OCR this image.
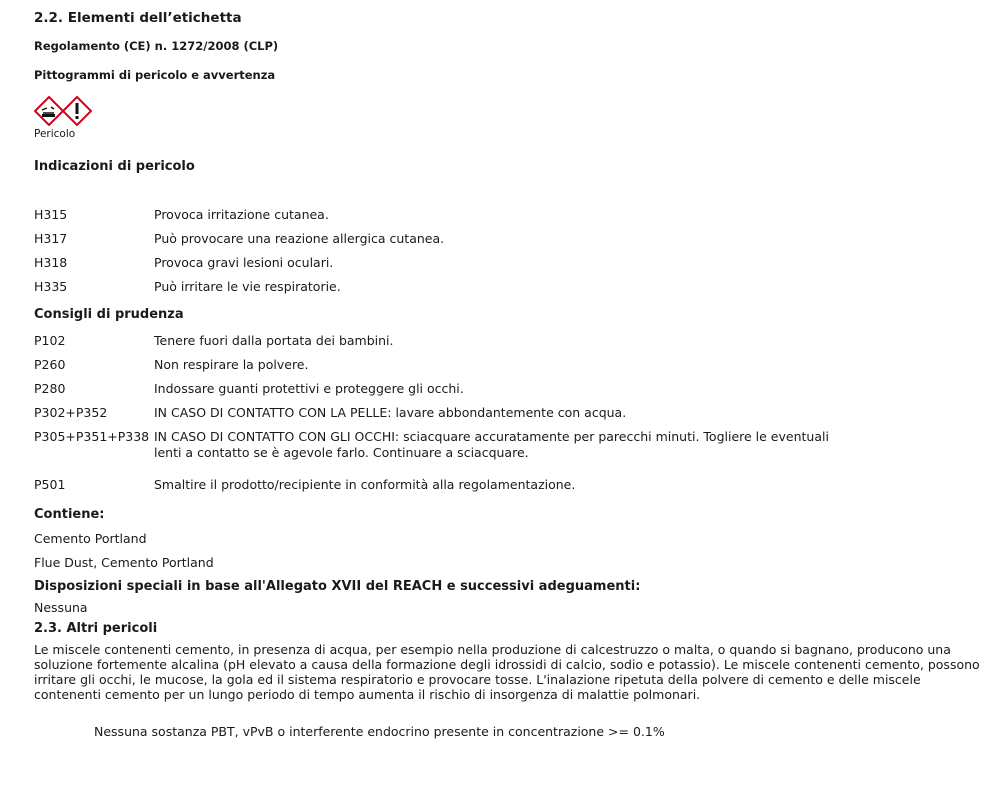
2.2. Elementi dell’etichetta
Regolamento (CE) n. 1272/2008 (CLP)
Pittogrammi di pericolo e avvertenza
Pericolo
Indicazioni di pericolo
H315	Provoca irritazione cutanea.
H317	Può provocare una reazione allergica cutanea.
H318	Provoca gravi lesioni oculari.
H335	Può irritare le vie respiratorie.
Consigli di prudenza
P102	Tenere fuori dalla portata dei bambini.
P260	Non respirare la polvere.
P280	Indossare guanti protettivi e proteggere gli occhi.
P302+P352	IN CASO DI CONTATTO CON LA PELLE: lavare abbondantemente con acqua.
P305+P351+P338 IN CASO DI CONTATTO CON GLI OCCHI: sciacquare accuratamente per parecchi minuti. Togliere le eventuali lenti a contatto se è agevole farlo. Continuare a sciacquare.
P501	Smaltire il prodotto/recipiente in conformità alla regolamentazione.
Contiene:
Cemento Portland
Flue Dust, Cemento Portland
Disposizioni speciali in base all'Allegato XVII del REACH e successivi adeguamenti:
Nessuna
2.3. Altri pericoli
Le miscele contenenti cemento, in presenza di acqua, per esempio nella produzione di calcestruzzo o malta, o quando si bagnano, producono una soluzione fortemente alcalina (pH elevato a causa della formazione degli idrossidi di calcio, sodio e potassio). Le miscele contenenti cemento, possono irritare gli occhi, le mucose, la gola ed il sistema respiratorio e provocare tosse. L'inalazione ripetuta della polvere di cemento e delle miscele contenenti cemento per un lungo periodo di tempo aumenta il rischio di insorgenza di malattie polmonari.
Nessuna sostanza PBT, vPvB o interferente endocrino presente in concentrazione >= 0.1%
